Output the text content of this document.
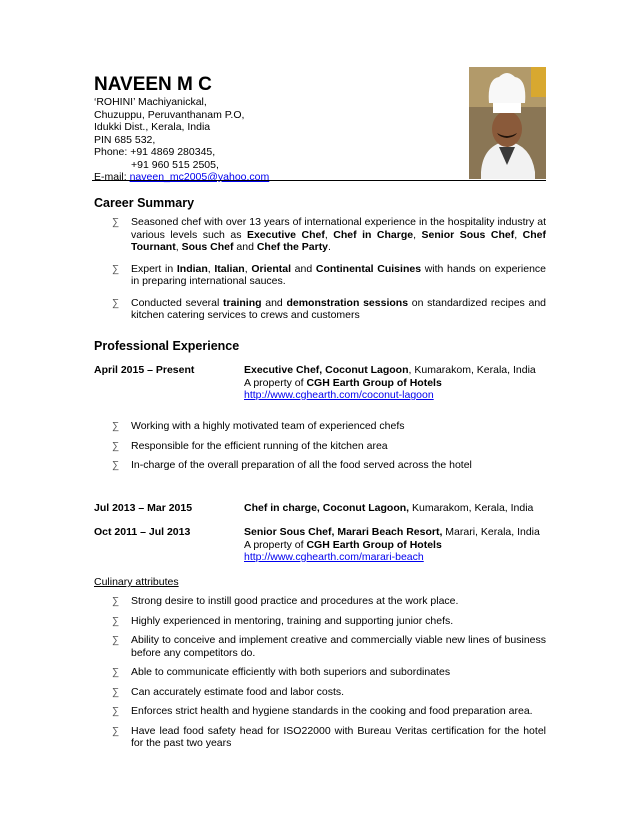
NAVEEN M C
‘ROHINI’ Machiyanickal,
Chuzuppu, Peruvanthanam P.O,
Idukki Dist., Kerala, India
PIN 685 532,
Phone: +91 4869 280345,
+91 960 515 2505,
E-mail: naveen_mc2005@yahoo.com
Career Summary
∑ Seasoned chef with over 13 years of international experience in the hospitality industry at various levels such as Executive Chef, Chef in Charge, Senior Sous Chef, Chef Tournant, Sous Chef and Chef the Party.
∑ Expert in Indian, Italian, Oriental and Continental Cuisines with hands on experience in preparing international sauces.
∑ Conducted several training and demonstration sessions on standardized recipes and kitchen catering services to crews and customers
Professional Experience
April 2015 – Present	Executive Chef, Coconut Lagoon, Kumarakom, Kerala, India
A property of CGH Earth Group of Hotels
http://www.cghearth.com/coconut-lagoon
∑ Working with a highly motivated team of experienced chefs
∑ Responsible for the efficient running of the kitchen area
∑ In-charge of the overall preparation of all the food served across the hotel
Jul 2013 – Mar 2015	Chef in charge, Coconut Lagoon, Kumarakom, Kerala, India
Oct 2011 – Jul 2013	Senior Sous Chef, Marari Beach Resort, Marari, Kerala, India
A property of CGH Earth Group of Hotels
http://www.cghearth.com/marari-beach
Culinary attributes
∑ Strong desire to instill good practice and procedures at the work place.
∑ Highly experienced in mentoring, training and supporting junior chefs.
∑ Ability to conceive and implement creative and commercially viable new lines of business before any competitors do.
∑ Able to communicate efficiently with both superiors and subordinates
∑ Can accurately estimate food and labor costs.
∑ Enforces strict health and hygiene standards in the cooking and food preparation area.
∑ Have lead food safety head for ISO22000 with Bureau Veritas certification for the hotel for the past two years
